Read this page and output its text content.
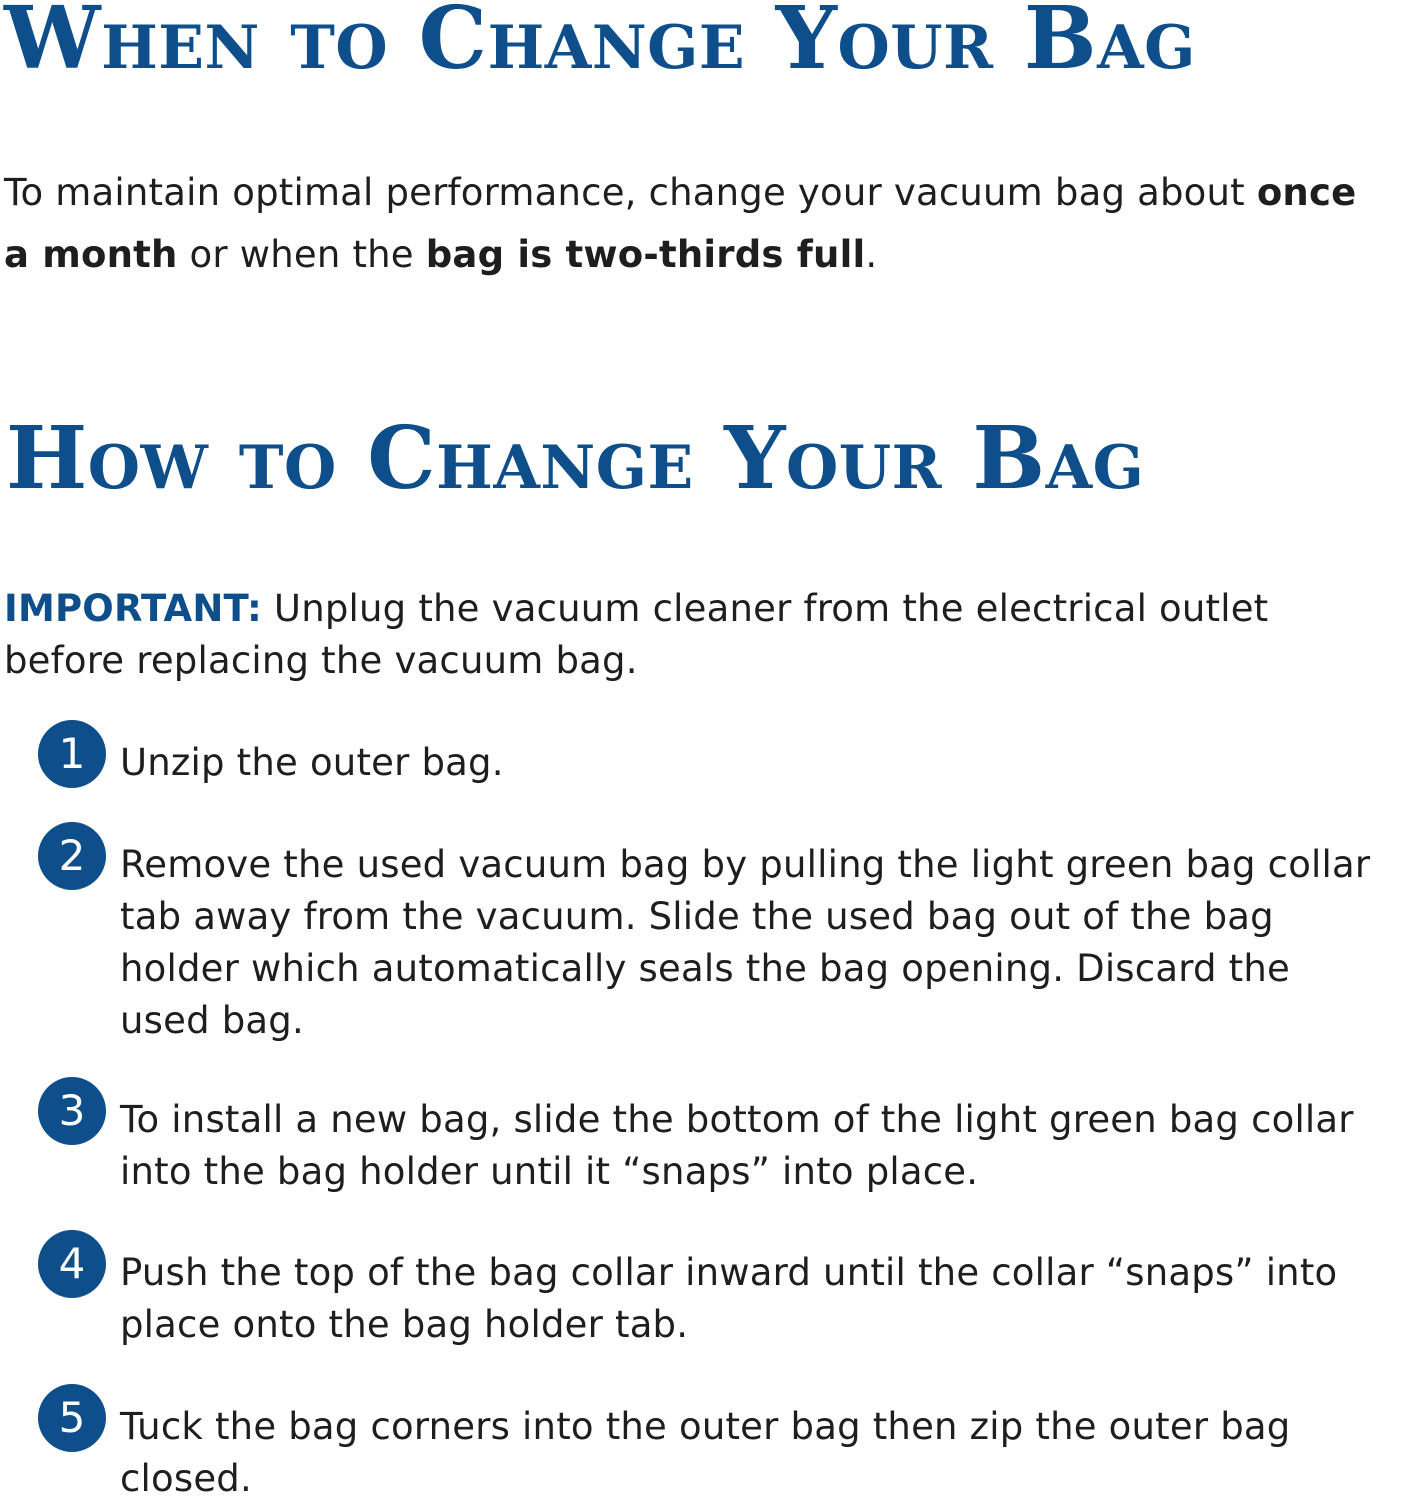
When to Change Your Bag

To maintain optimal performance, change your vacuum bag about once a month or when the bag is two-thirds full.

How to Change Your Bag

IMPORTANT: Unplug the vacuum cleaner from the electrical outlet before replacing the vacuum bag.

1 Unzip the outer bag.

2 Remove the used vacuum bag by pulling the light green bag collar tab away from the vacuum. Slide the used bag out of the bag holder which automatically seals the bag opening. Discard the used bag.

3 To install a new bag, slide the bottom of the light green bag collar into the bag holder until it “snaps” into place.

4 Push the top of the bag collar inward until the collar “snaps” into place onto the bag holder tab.

5 Tuck the bag corners into the outer bag then zip the outer bag closed.
